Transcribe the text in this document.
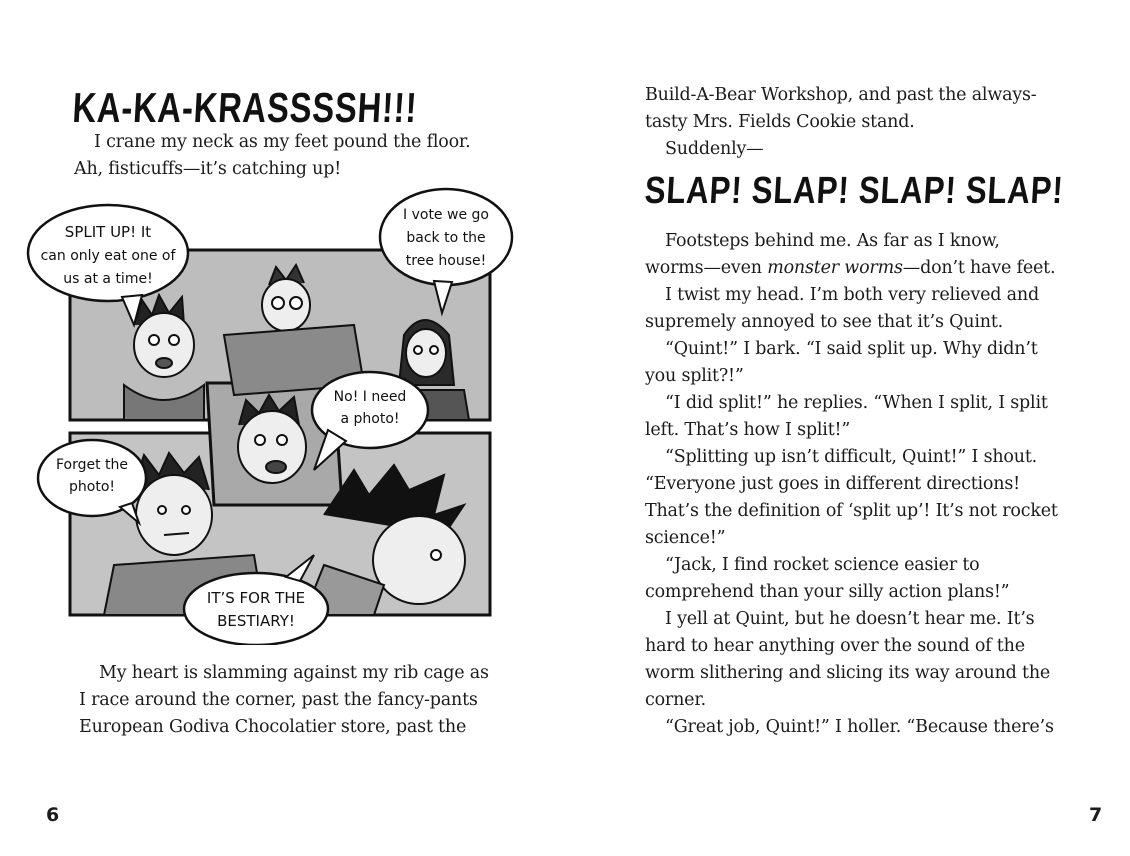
KA-KA-KRASSSSH!!!

I crane my neck as my feet pound the floor.

Ah, fisticuffs—it’s catching up!

SPLIT UP! It
can only eat one of
us at a time!
I vote we go
back to the
tree house!
No! I need
a photo!
Forget the
photo!
IT’S FOR THE
BESTIARY!

My heart is slamming against my rib cage as

I race around the corner, past the fancy-pants

European Godiva Chocolatier store, past the

6

Build-A-Bear Workshop, and past the always-

tasty Mrs. Fields Cookie stand.

Suddenly—

SLAP! SLAP! SLAP! SLAP!

Footsteps behind me. As far as I know,

worms—even monster worms—don’t have feet.

I twist my head. I’m both very relieved and

supremely annoyed to see that it’s Quint.

“Quint!” I bark. “I said split up. Why didn’t

you split?!”

“I did split!” he replies. “When I split, I split

left. That’s how I split!”

“Splitting up isn’t difficult, Quint!” I shout.

“Everyone just goes in different directions!

That’s the definition of ‘split up’! It’s not rocket

science!”

“Jack, I find rocket science easier to

comprehend than your silly action plans!”

I yell at Quint, but he doesn’t hear me. It’s

hard to hear anything over the sound of the

worm slithering and slicing its way around the

corner.

“Great job, Quint!” I holler. “Because there’s

7
